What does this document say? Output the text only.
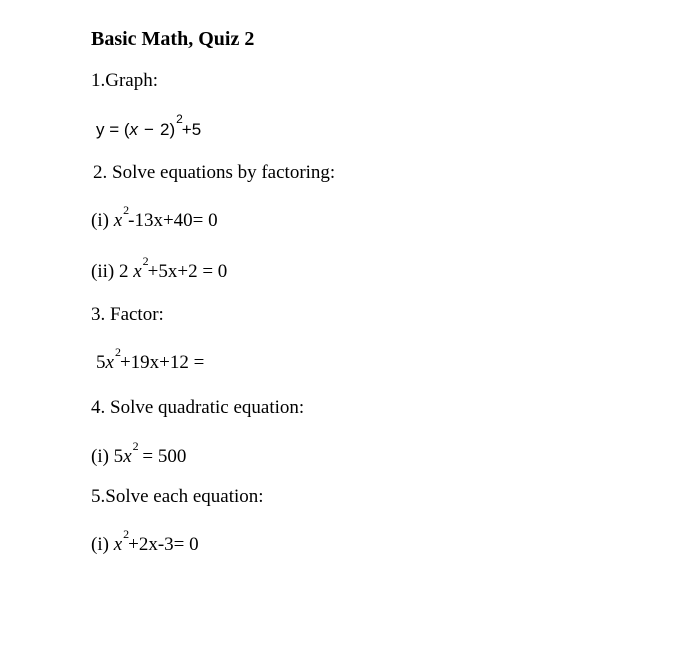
Basic Math, Quiz 2
1.Graph:
$y = (x - 2)^2+5$
2. Solve equations by factoring:
(i) $x^2-13x+40= 0$
(ii) 2 $x^2+5x+2 = 0$
3. Factor:
$5x^2+19x+12$ =
4. Solve quadratic equation:
(i) $5x^2 = 500$
5.Solve each equation:
(i) $x^2+2x-3= 0$
